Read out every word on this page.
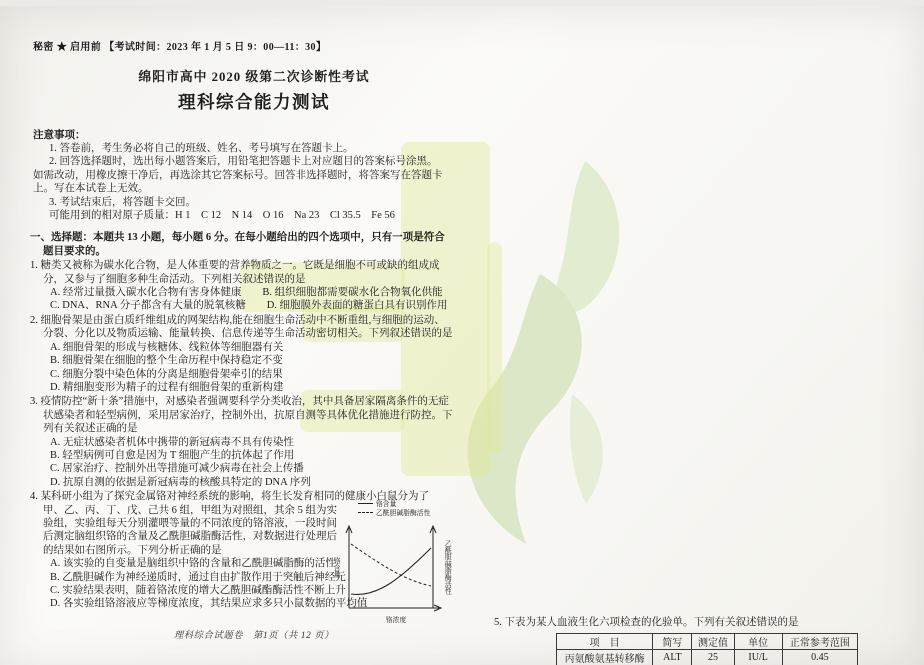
秘密 ★ 启用前 【考试时间：2023 年 1 月 5 日 9：00—11：30】
绵阳市高中 2020 级第二次诊断性考试
理科综合能力测试
注意事项：
1. 答卷前，考生务必将自己的班级、姓名、考号填写在答题卡上。
2. 回答选择题时，选出每小题答案后，用铅笔把答题卡上对应题目的答案标号涂黑。
如需改动，用橡皮擦干净后，再选涂其它答案标号。回答非选择题时，将答案写在答题卡
上。写在本试卷上无效。
3. 考试结束后，将答题卡交回。
可能用到的相对原子质量：H 1　C 12　N 14　O 16　Na 23　Cl 35.5　Fe 56
一、选择题：本题共 13 小题，每小题 6 分。在每小题给出的四个选项中，只有一项是符合
题目要求的。
1. 糖类又被称为碳水化合物，是人体重要的营养物质之一。它既是细胞不可或缺的组成成
分，又参与了细胞多种生命活动。下列相关叙述错误的是
A. 经常过量摄入碳水化合物有害身体健康　　B. 组织细胞都需要碳水化合物氧化供能
C. DNA、RNA 分子都含有大量的脱氧核糖　　D. 细胞膜外表面的糖蛋白具有识别作用
2. 细胞骨架是由蛋白质纤维组成的网架结构,能在细胞生命活动中不断重组,与细胞的运动、
分裂、分化以及物质运输、能量转换、信息传递等生命活动密切相关。下列叙述错误的是
A. 细胞骨架的形成与核糖体、线粒体等细胞器有关
B. 细胞骨架在细胞的整个生命历程中保持稳定不变
C. 细胞分裂中染色体的分离是细胞骨架牵引的结果
D. 精细胞变形为精子的过程有细胞骨架的重新构建
3. 疫情防控“新十条”措施中，对感染者强调要科学分类收治，其中具备居家隔离条件的无症
状感染者和轻型病例，采用居家治疗，控制外出，抗原自测等具体优化措施进行防控。下
列有关叙述正确的是
A. 无症状感染者机体中携带的新冠病毒不具有传染性
B. 轻型病例可自愈是因为 T 细胞产生的抗体起了作用
C. 居家治疗、控制外出等措施可减少病毒在社会上传播
D. 抗原自测的依据是新冠病毒的核酸具特定的 DNA 序列
铬含量
乙酰胆碱脂酶活性
铬含量	乙酰胆碱脂酶活性
铬浓度
4. 某科研小组为了探究金属铬对神经系统的影响，将生长发育相同的健康小白鼠分为了
甲、乙、丙、丁、戊、己共 6 组，甲组为对照组，其余 5 组为实
验组，实验组每天分别灌喂等量的不同浓度的铬溶液，一段时间
后测定脑组织铬的含量及乙酰胆碱脂酶活性，对数据进行处理后
的结果如右图所示。下列分析正确的是
A. 该实验的自变量是脑组织中铬的含量和乙酰胆碱脂酶的活性
B. 乙酰胆碱作为神经递质时，通过自由扩散作用于突触后神经元
C. 实验结果表明，随着铬浓度的增大乙酰胆碱酯酶活性不断上升
D. 各实验组铬溶液应等梯度浓度，其结果应求多只小鼠数据的平均值
理科综合试题卷　第1页（共 12 页）
5. 下表为某人血液生化六项检查的化验单。下列有关叙述错误的是
项　目	简写	测定值	单位	正常参考范围
丙氨酸氨基转移酶	ALT	25	IU/L	0.45
